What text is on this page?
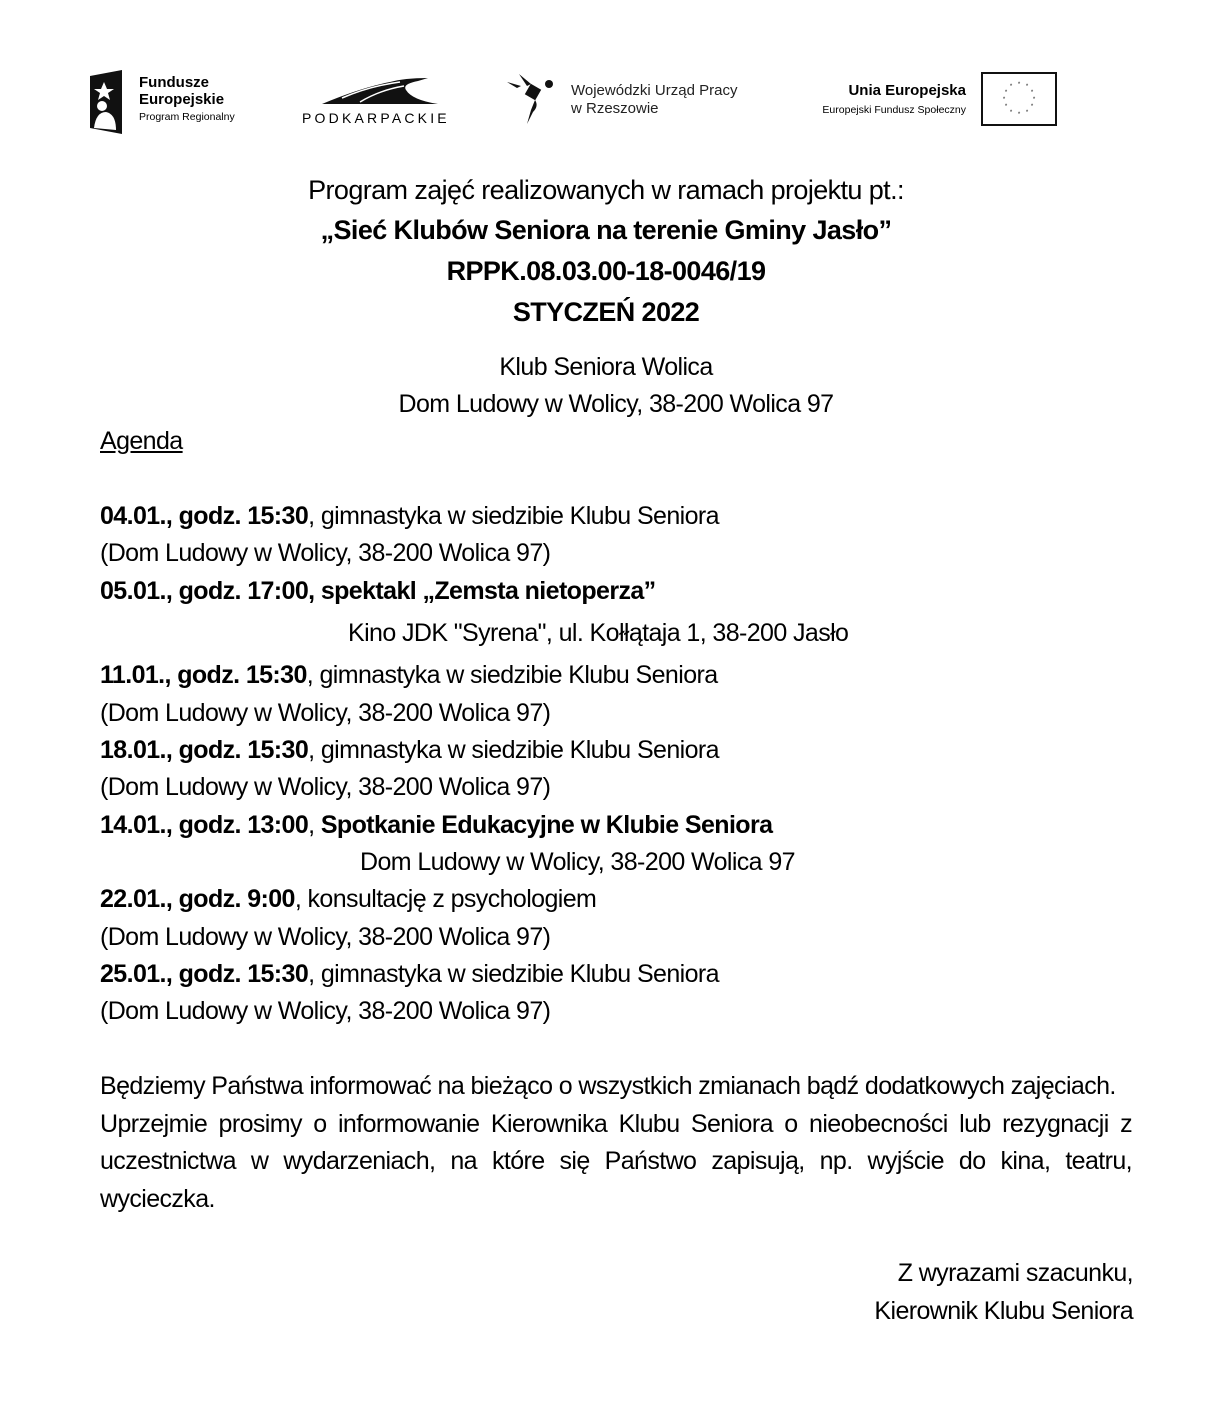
Fundusze
Europejskie
Program Regionalny	PODKARPACKIE
Wojewódzki Urząd Pracy
w Rzeszowie
Unia Europejska
Europejski Fundusz Społeczny
* *
*
*
*
*
*
*
*
*
*
*
Program zajęć realizowanych w ramach projektu pt.:
„Sieć Klubów Seniora na terenie Gminy Jasło”
RPPK.08.03.00-18-0046/19
STYCZEŃ 2022
Klub Seniora Wolica
Dom Ludowy w Wolicy, 38-200 Wolica 97
Agenda
04.01., godz. 15:30, gimnastyka w siedzibie Klubu Seniora
(Dom Ludowy w Wolicy, 38-200 Wolica 97)
05.01., godz. 17:00, spektakl „Zemsta nietoperza”
Kino JDK "Syrena", ul. Kołłątaja 1, 38-200 Jasło
11.01., godz. 15:30, gimnastyka w siedzibie Klubu Seniora
(Dom Ludowy w Wolicy, 38-200 Wolica 97)
18.01., godz. 15:30, gimnastyka w siedzibie Klubu Seniora
(Dom Ludowy w Wolicy, 38-200 Wolica 97)
14.01., godz. 13:00, Spotkanie Edukacyjne w Klubie Seniora
Dom Ludowy w Wolicy, 38-200 Wolica 97
22.01., godz. 9:00, konsultację z psychologiem
(Dom Ludowy w Wolicy, 38-200 Wolica 97)
25.01., godz. 15:30, gimnastyka w siedzibie Klubu Seniora
(Dom Ludowy w Wolicy, 38-200 Wolica 97)
Będziemy Państwa informować na bieżąco o wszystkich zmianach bądź dodatkowych zajęciach.
Uprzejmie prosimy o informowanie Kierownika Klubu Seniora o nieobecności lub rezygnacji z uczestnictwa w wydarzeniach, na które się Państwo zapisują, np. wyjście do kina, teatru, wycieczka.
Z wyrazami szacunku,
Kierownik Klubu Seniora
